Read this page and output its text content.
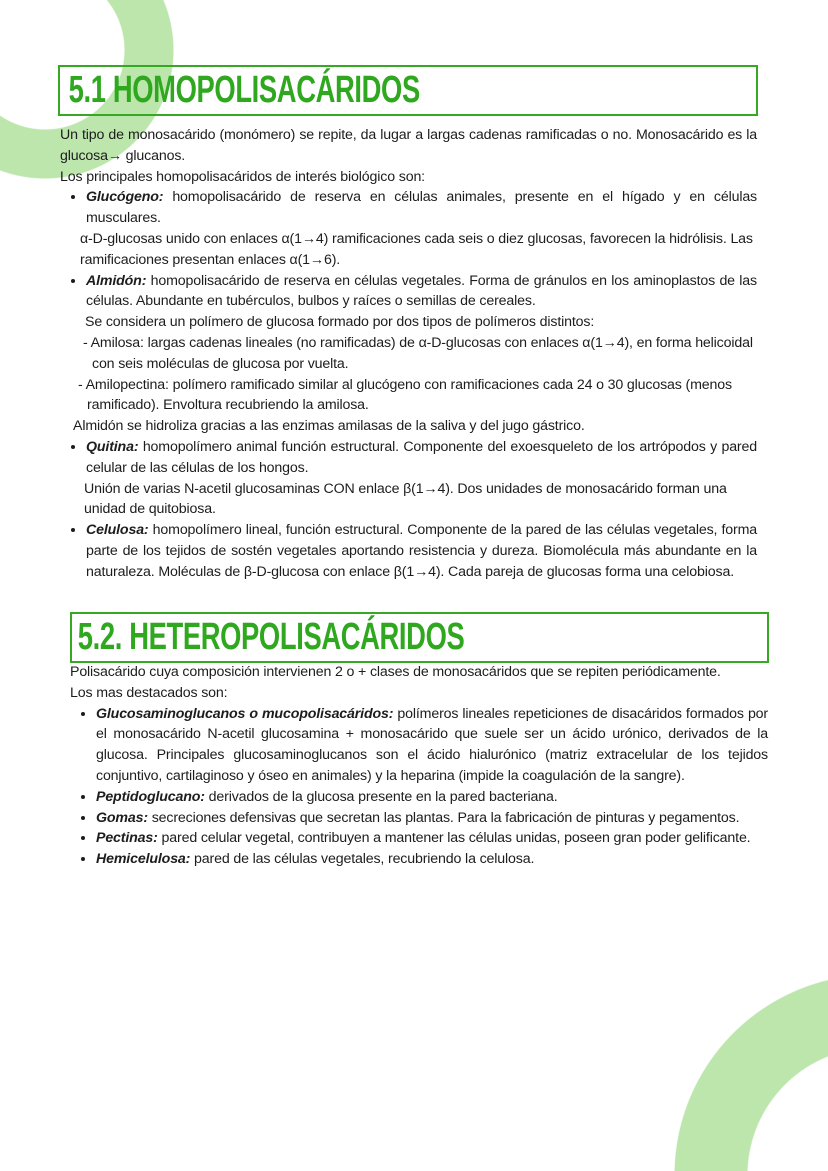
5.1 HOMOPOLISACÁRIDOS

Un tipo de monosacárido (monómero) se repite, da lugar a largas cadenas ramificadas o no. Monosacárido es la glucosa→ glucanos.

Los principales homopolisacáridos de interés biológico son:

• Glucógeno: homopolisacárido de reserva en células animales, presente en el hígado y en células musculares.

α-D-glucosas unido con enlaces α(1→4) ramificaciones cada seis o diez glucosas, favorecen la hidrólisis. Las ramificaciones presentan enlaces α(1→6).

• Almidón: homopolisacárido de reserva en células vegetales. Forma de gránulos en los aminoplastos de las células. Abundante en tubérculos, bulbos y raíces o semillas de cereales.

Se considera un polímero de glucosa formado por dos tipos de polímeros distintos:

- Amilosa: largas cadenas lineales (no ramificadas) de α-D-glucosas con enlaces α(1→4), en forma helicoidal con seis moléculas de glucosa por vuelta.

- Amilopectina: polímero ramificado similar al glucógeno con ramificaciones cada 24 o 30 glucosas (menos ramificado). Envoltura recubriendo la amilosa.

Almidón se hidroliza gracias a las enzimas amilasas de la saliva y del jugo gástrico.

• Quitina: homopolímero animal función estructural. Componente del exoesqueleto de los artrópodos y pared celular de las células de los hongos.

Unión de varias N-acetil glucosaminas CON enlace β(1→4). Dos unidades de monosacárido forman una unidad de quitobiosa.

• Celulosa: homopolímero lineal, función estructural. Componente de la pared de las células vegetales, forma parte de los tejidos de sostén vegetales aportando resistencia y dureza. Biomolécula más abundante en la naturaleza. Moléculas de β-D-glucosa con enlace β(1→4). Cada pareja de glucosas forma una celobiosa.
5.2. HETEROPOLISACÁRIDOS

Polisacárido cuya composición intervienen 2 o + clases de monosacáridos que se repiten periódicamente.

Los mas destacados son:

• Glucosaminoglucanos o mucopolisacáridos: polímeros lineales repeticiones de disacáridos formados por el monosacárido N-acetil glucosamina + monosacárido que suele ser un ácido urónico, derivados de la glucosa. Principales glucosaminoglucanos son el ácido hialurónico (matriz extracelular de los tejidos conjuntivo, cartilaginoso y óseo en animales) y la heparina (impide la coagulación de la sangre).
• Peptidoglucano: derivados de la glucosa presente en la pared bacteriana.
• Gomas: secreciones defensivas que secretan las plantas. Para la fabricación de pinturas y pegamentos.
• Pectinas: pared celular vegetal, contribuyen a mantener las células unidas, poseen gran poder gelificante.
• Hemicelulosa: pared de las células vegetales, recubriendo la celulosa.
